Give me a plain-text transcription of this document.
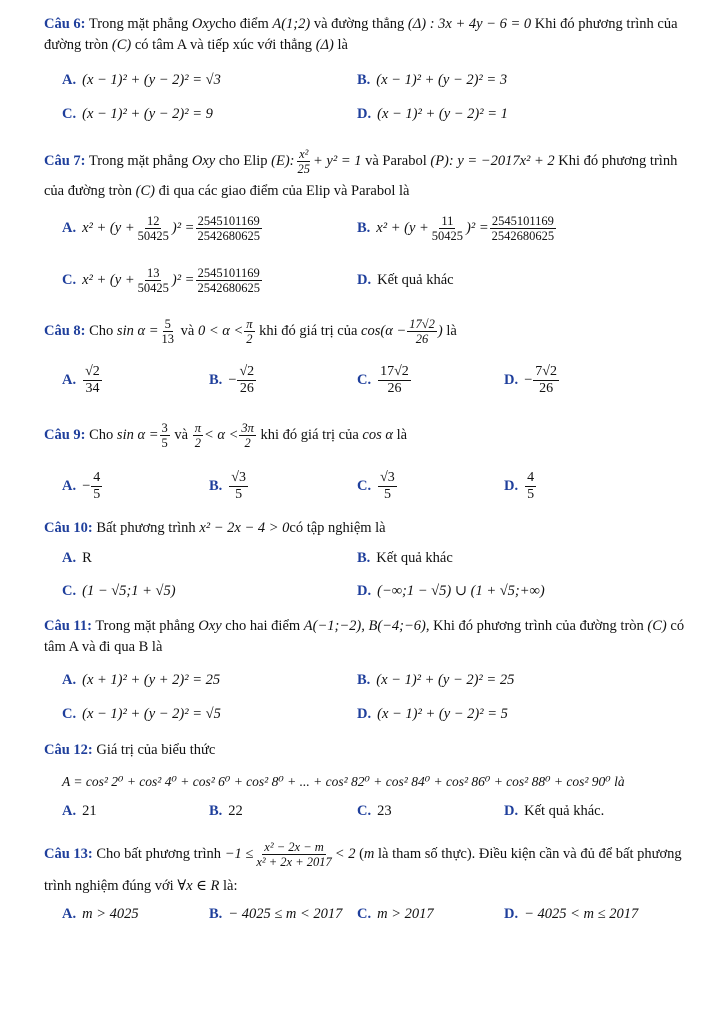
Câu 6: Trong mặt phẳng Oxycho điểm A(1;2) và đường thẳng (Δ) : 3x + 4y − 6 = 0 Khi đó phương trình của đường tròn (C) có tâm A và tiếp xúc với thẳng (Δ) là
A. (x − 1)² + (y − 2)² = √3	B. (x − 1)² + (y − 2)² = 3
C. (x − 1)² + (y − 2)² = 9	D. (x − 1)² + (y − 2)² = 1
Câu 7: Trong mặt phẳng Oxy cho Elip (E): $\frac{\text{x²}}{25} + y^2 = 1$ và Parabol (P): y = −2017x² + 2 Khi đó phương trình của đường tròn (C) đi qua các giao điểm của Elip và Parabol là
A. $x^2 + (y + \frac{12}{50425} )^2 = \frac{2545101169}{2542680625}$	B. $x^2 + (y + \frac{11}{50425} )^2 = \frac{2545101169}{2542680625}$
C. $x^2 + (y + \frac{13}{50425} )^2 = \frac{2545101169}{2542680625}$	D. Kết quả khác
Câu 8: Cho $\sin \alpha = \frac{5}{13}$ và $0 < \alpha < \frac{\pi}{2}$ khi đó giá trị của $\cos(\alpha - \frac{17√2}{26}$ ) là
A. $\frac{√2}{34}$	B. − $\frac{√2}{26}$	C. $\frac{17√2}{26}$	D. − $\frac{7√2}{26}$
Câu 9: Cho $\sin \alpha = \frac{3}{5}$ và $\frac{\pi}{2} < \alpha < \frac{3\pi}{2}$ khi đó giá trị của cos α là
A. − $\frac{4}{5}$	B. $\frac{√3}{5}$	C. $\frac{√3}{5}$	D. $\frac{4}{5}$
Câu 10: Bất phương trình x² − 2x − 4 > 0có tập nghiệm là
A. R	B. Kết quả khác
C. (1 − √5;1 + √5)	D. (−∞;1 − √5) ∪ (1 + √5;+∞)
Câu 11: Trong mặt phẳng Oxy cho hai điểm A(−1;−2), B(−4;−6), Khi đó phương trình của đường tròn (C) có tâm A và đi qua B là
A. (x + 1)² + (y + 2)² = 25	B. (x − 1)² + (y − 2)² = 25
C. (x − 1)² + (y − 2)² = √5	D. (x − 1)² + (y − 2)² = 5
Câu 12: Giá trị của biểu thức
A = cos² 2⁰ + cos² 4⁰ + cos² 6⁰ + cos² 8⁰ + ... + cos² 82⁰ + cos² 84⁰ + cos² 86⁰ + cos² 88⁰ + cos² 90⁰ là
A. 21	B. 22	C. 23	D. Kết quả khác.
Câu 13: Cho bất phương trình $-1 \le \frac{\text{x² − 2x − m}}{\text{x² + 2x + 2017}} < 2$ (m là tham số thực). Điều kiện cần và đủ để bất phương trình nghiệm đúng với ∀x ∈ R là:
A. m > 4025	B. − 4025 ≤ m < 2017 C. m > 2017	D. − 4025 < m ≤ 2017
